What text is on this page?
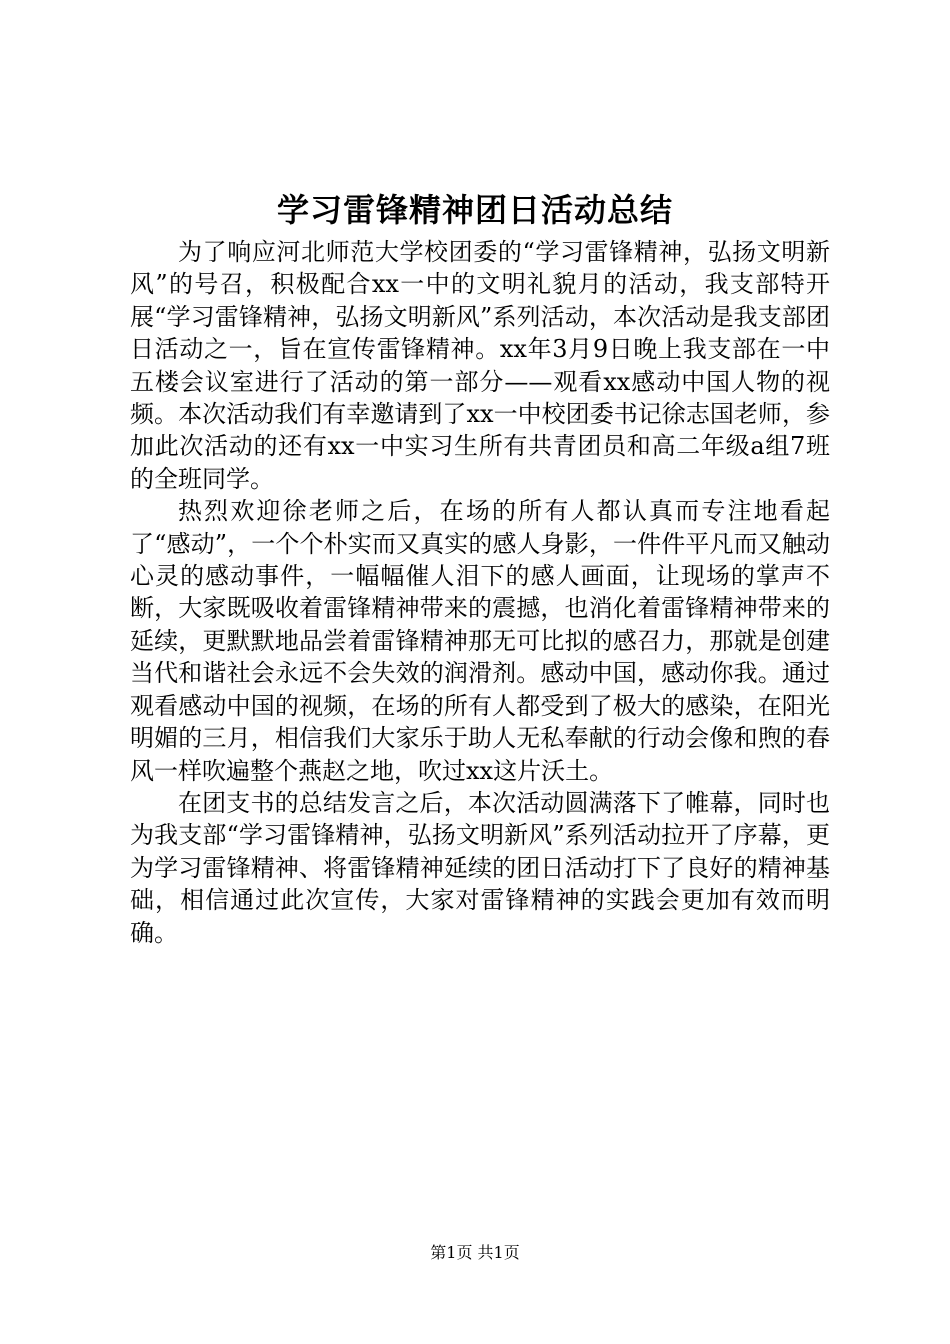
学习雷锋精神团日活动总结

为了响应河北师范大学校团委的“学习雷锋精神，弘扬文明新风”的号召，积极配合xx一中的文明礼貌月的活动，我支部特开展“学习雷锋精神，弘扬文明新风”系列活动，本次活动是我支部团日活动之一，旨在宣传雷锋精神。xx年3月9日晚上我支部在一中五楼会议室进行了活动的第一部分——观看xx感动中国人物的视频。本次活动我们有幸邀请到了xx一中校团委书记徐志国老师，参加此次活动的还有xx一中实习生所有共青团员和高二年级a组7班的全班同学。

热烈欢迎徐老师之后，在场的所有人都认真而专注地看起了“感动”，一个个朴实而又真实的感人身影，一件件平凡而又触动心灵的感动事件，一幅幅催人泪下的感人画面，让现场的掌声不断，大家既吸收着雷锋精神带来的震撼，也消化着雷锋精神带来的延续，更默默地品尝着雷锋精神那无可比拟的感召力，那就是创建当代和谐社会永远不会失效的润滑剂。感动中国，感动你我。通过观看感动中国的视频，在场的所有人都受到了极大的感染，在阳光明媚的三月，相信我们大家乐于助人无私奉献的行动会像和煦的春风一样吹遍整个燕赵之地，吹过xx这片沃土。

在团支书的总结发言之后，本次活动圆满落下了帷幕，同时也为我支部“学习雷锋精神，弘扬文明新风”系列活动拉开了序幕，更为学习雷锋精神、将雷锋精神延续的团日活动打下了良好的精神基础，相信通过此次宣传，大家对雷锋精神的实践会更加有效而明确。

第1页 共1页
